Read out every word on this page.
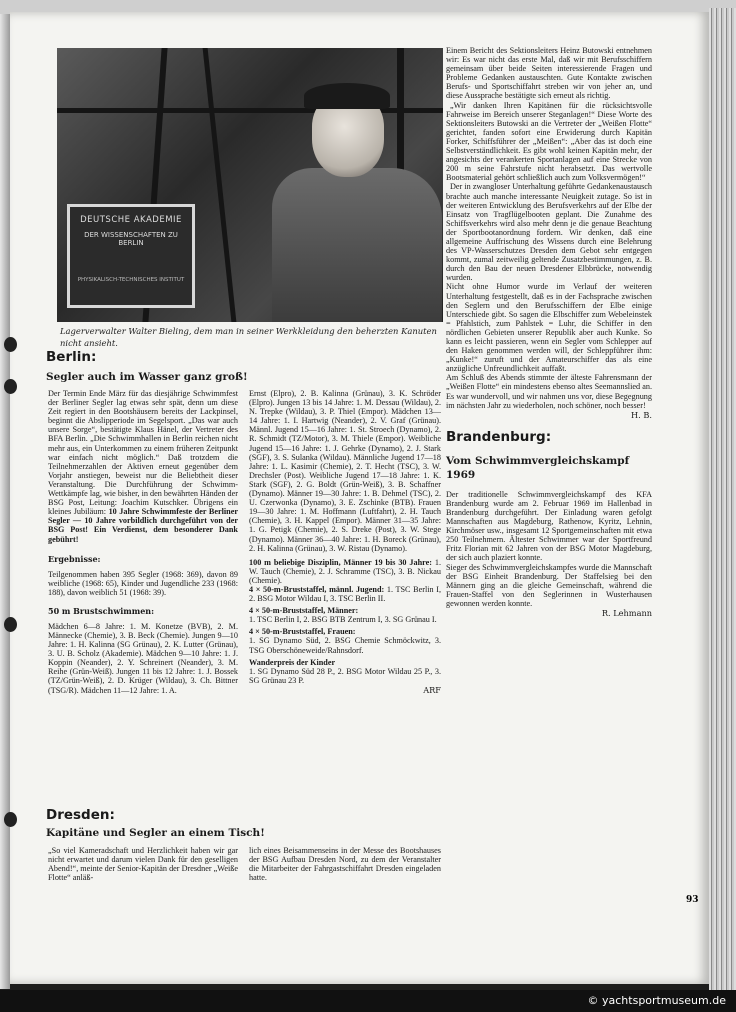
DEUTSCHE AKADEMIE
DER WISSENSCHAFTEN ZU BERLIN
PHYSIKALISCH-TECHNISCHES INSTITUT
Lagerverwalter Walter Bieling, dem man in seiner Werkkleidung den beherzten Kanuten nicht ansieht.
Berlin:
Segler auch im Wasser ganz groß!

Der Termin Ende März für das diesjährige Schwimmfest der Berliner Segler lag etwas sehr spät, denn um diese Zeit regiert in den Bootshäusern bereits der Lackpinsel, beginnt die Abslipperiode im Segelsport. „Das war auch unsere Sorge“, bestätigte Klaus Hänel, der Vertreter des BFA Berlin. „Die Schwimmhallen in Berlin reichen nicht mehr aus, ein Unterkommen zu einem früheren Zeitpunkt war einfach nicht möglich.“ Daß trotzdem die Teilnehmerzahlen der Aktiven erneut gegenüber dem Vorjahr anstiegen, beweist nur die Beliebtheit dieser Veranstaltung. Die Durchführung der Schwimm-Wettkämpfe lag, wie bisher, in den bewährten Händen der BSG Post, Leitung: Joachim Kutschker. Übrigens ein kleines Jubiläum: 10 Jahre Schwimmfeste der Berliner Segler — 10 Jahre vorbildlich durchgeführt von der BSG Post! Ein Verdienst, dem besonderer Dank gebührt!

Ergebnisse:

Teilgenommen haben 395 Segler (1968: 369), davon 89 weibliche (1968: 65), Kinder und Jugendliche 233 (1968: 188), davon weiblich 51 (1968: 39).

50 m Brustschwimmen:

Mädchen 6—8 Jahre: 1. M. Konetze (BVB), 2. M. Männecke (Chemie), 3. B. Beck (Chemie). Jungen 9—10 Jahre: 1. H. Kalinna (SG Grünau), 2. K. Lutter (Grünau), 3. U. B. Scholz (Akademie). Mädchen 9—10 Jahre: 1. J. Koppin (Neander), 2. Y. Schreinert (Neander), 3. M. Reihe (Grün-Weiß). Jungen 11 bis 12 Jahre: 1. J. Bossek (TZ/Grün-Weiß), 2. D. Krüger (Wildau), 3. Ch. Bittner (TSG/R). Mädchen 11—12 Jahre: 1. A.

Ernst (Elpro), 2. B. Kalinna (Grünau), 3. K. Schröder (Elpro). Jungen 13 bis 14 Jahre: 1. M. Dessau (Wildau), 2. N. Trepke (Wildau), 3. P. Thiel (Empor). Mädchen 13—14 Jahre: 1. I. Hartwig (Neander), 2. V. Graf (Grünau). Männl. Jugend 15—16 Jahre: 1. St. Stroech (Dynamo), 2. R. Schmidt (TZ/Motor), 3. M. Thiele (Empor). Weibliche Jugend 15—16 Jahre: 1. J. Gehrke (Dynamo), 2. J. Stark (SGF), 3. S. Sulanka (Wildau). Männliche Jugend 17—18 Jahre: 1. L. Kasimir (Chemie), 2. T. Hecht (TSC), 3. W. Drechsler (Post). Weibliche Jugend 17—18 Jahre: 1. K. Stark (SGF), 2. G. Boldt (Grün-Weiß), 3. B. Schaffner (Dynamo). Männer 19—30 Jahre: 1. B. Dehmel (TSC), 2. U. Czerwonka (Dynamo), 3. E. Zschinke (BTB). Frauen 19—30 Jahre: 1. M. Hoffmann (Luftfahrt), 2. H. Tauch (Chemie), 3. H. Kappel (Empor). Männer 31—35 Jahre: 1. G. Petigk (Chemie), 2. S. Dreke (Post), 3. W. Stege (Dynamo). Männer 36—40 Jahre: 1. H. Boreck (Grünau), 2. H. Kalinna (Grünau), 3. W. Ristau (Dynamo).

100 m beliebige Disziplin, Männer 19 bis 30 Jahre: 1. W. Tauch (Chemie), 2. J. Schramme (TSC), 3. B. Nickau (Chemie).

4 × 50-m-Bruststaffel, männl. Jugend: 1. TSC Berlin I, 2. BSG Motor Wildau I, 3. TSC Berlin II.

4 × 50-m-Bruststaffel, Männer:

1. TSC Berlin I, 2. BSG BTB Zentrum I, 3. SG Grünau I.

4 × 50-m-Bruststaffel, Frauen:

1. SG Dynamo Süd, 2. BSG Chemie Schmöckwitz, 3. TSG Oberschöneweide/Rahnsdorf.

Wanderpreis der Kinder

1. SG Dynamo Süd 28 P., 2. BSG Motor Wildau 25 P., 3. SG Grünau 23 P.

ARF

Dresden:
Kapitäne und Segler an einem Tisch!

„So viel Kameradschaft und Herzlichkeit haben wir gar nicht erwartet und darum vielen Dank für den geselligen Abend!“, meinte der Senior-Kapitän der Dresdner „Weiße Flotte“ anläß-

lich eines Beisammenseins in der Messe des Bootshauses der BSG Aufbau Dresden Nord, zu dem der Veranstalter die Mitarbeiter der Fahrgastschiffahrt Dresden eingeladen hatte.

Einem Bericht des Sektionsleiters Heinz Butowski entnehmen wir: Es war nicht das erste Mal, daß wir mit Berufsschiffern gemeinsam über beide Seiten interessierende Fragen und Probleme Gedanken austauschten. Gute Kontakte zwischen Berufs- und Sportschiffahrt streben wir von jeher an, und diese Aussprache bestätigte sich erneut als richtig.

„Wir danken Ihren Kapitänen für die rücksichtsvolle Fahrweise im Bereich unserer Steganlagen!“ Diese Worte des Sektionsleiters Butowski an die Vertreter der „Weißen Flotte“ gerichtet, fanden sofort eine Erwiderung durch Kapitän Forker, Schiffsführer der „Meißen“: „Aber das ist doch eine Selbstverständlichkeit. Es gibt wohl keinen Kapitän mehr, der angesichts der verankerten Sportanlagen auf eine Strecke von 200 m seine Fahrstufe nicht herabsetzt. Das wertvolle Bootsmaterial gehört schließlich auch zum Volksvermögen!“

Der in zwangloser Unterhaltung geführte Gedankenaustausch brachte auch manche interessante Neuigkeit zutage. So ist in der weiteren Entwicklung des Berufsverkehrs auf der Elbe der Einsatz von Tragflügelbooten geplant. Die Zunahme des Schiffsverkehrs wird also mehr denn je die genaue Beachtung der Sportbootanordnung fordern. Wir denken, daß eine allgemeine Auffrischung des Wissens durch eine Belehrung des VP-Wasserschutzes Dresden dem Gebot sehr entgegen kommt, zumal zeitweilig geltende Zusatzbestimmungen, z. B. durch den Bau der neuen Dresdener Elbbrücke, notwendig wurden.

Nicht ohne Humor wurde im Verlauf der weiteren Unterhaltung festgestellt, daß es in der Fachsprache zwischen den Seglern und den Berufsschiffern der Elbe einige Unterschiede gibt. So sagen die Elbschiffer zum Webeleinstek = Pfahlstich, zum Pahlstek = Luhr, die Schiffer in den nördlichen Gebieten unserer Republik aber auch Kunke. So kann es leicht passieren, wenn ein Segler vom Schlepper auf den Haken genommen werden will, der Schleppführer ihm: „Kunke!“ zuruft und der Amateurschiffer das als eine anzügliche Unfreundlichkeit auffaßt.

Am Schluß des Abends stimmte der älteste Fahrensmann der „Weißen Flotte“ ein mindestens ebenso altes Seemannslied an. Es war wundervoll, und wir nahmen uns vor, diese Begegnung im nächsten Jahr zu wiederholen, noch schöner, noch besser!

H. B.

Brandenburg:
Vom Schwimmvergleichskampf 1969

Der traditionelle Schwimmvergleichskampf des KFA Brandenburg wurde am 2. Februar 1969 im Hallenbad in Brandenburg durchgeführt. Der Einladung waren gefolgt Mannschaften aus Magdeburg, Rathenow, Kyritz, Lehnin, Kirchmöser usw., insgesamt 12 Sportgemeinschaften mit etwa 250 Teilnehmern. Ältester Schwimmer war der Sportfreund Fritz Florian mit 62 Jahren von der BSG Motor Magdeburg, der sich auch plaziert konnte.

Sieger des Schwimmvergleichskampfes wurde die Mannschaft der BSG Einheit Brandenburg. Der Staffelsieg bei den Männern ging an die gleiche Gemeinschaft, während die Frauen-Staffel von den Seglerinnen in Wusterhausen gewonnen werden konnte.

R. Lehmann

93
© yachtsportmuseum.de
